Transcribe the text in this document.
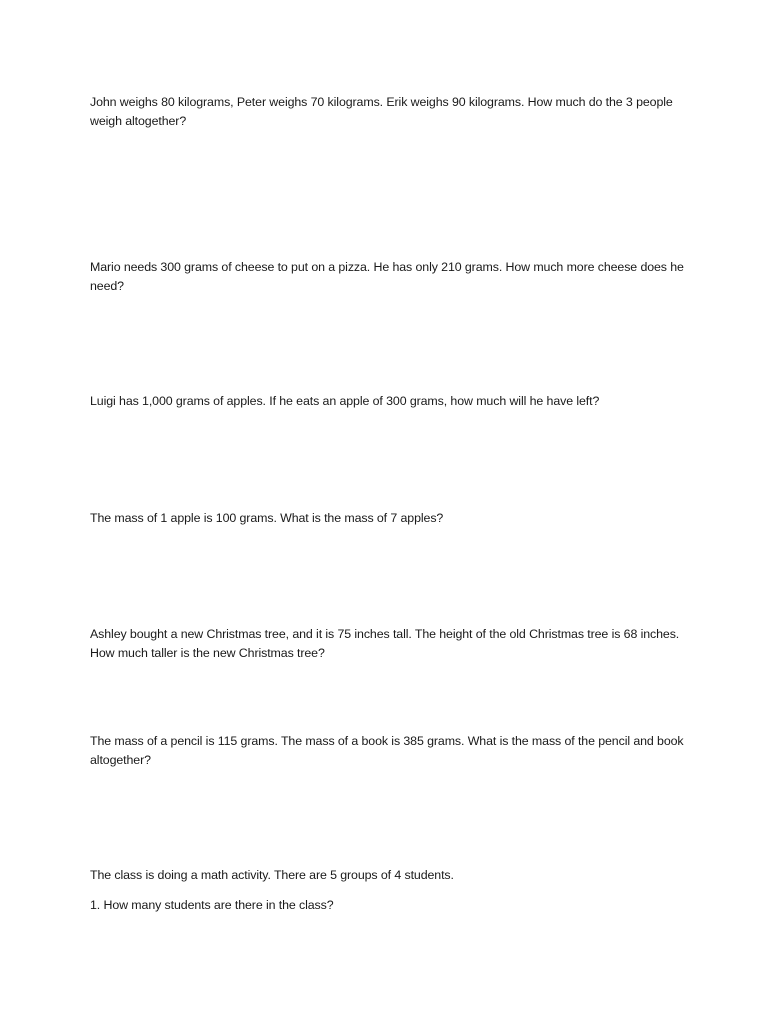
John weighs 80 kilograms, Peter weighs 70 kilograms. Erik weighs 90 kilograms. How much do the 3 people weigh altogether?

Mario needs 300 grams of cheese to put on a pizza. He has only 210 grams. How much more cheese does he need?

Luigi has 1,000 grams of apples. If he eats an apple of 300 grams, how much will he have left?

The mass of 1 apple is 100 grams. What is the mass of 7 apples?

Ashley bought a new Christmas tree, and it is 75 inches tall. The height of the old Christmas tree is 68 inches. How much taller is the new Christmas tree?

The mass of a pencil is 115 grams. The mass of a book is 385 grams. What is the mass of the pencil and book altogether?

The class is doing a math activity. There are 5 groups of 4 students.

1. How many students are there in the class?
